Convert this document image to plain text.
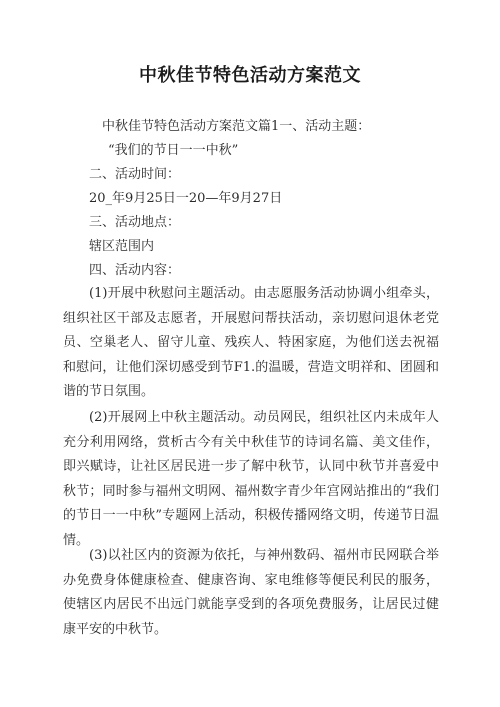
中秋佳节特色活动方案范文
中秋佳节特色活动方案范文篇1一、活动主题：
“我们的节日一一中秋”
二、活动时间：
20_年9月25日一20—年9月27日
三、活动地点：
辖区范围内
四、活动内容：

(1)开展中秋慰问主题活动。由志愿服务活动协调小组牵头，组织社区干部及志愿者，开展慰问帮扶活动，亲切慰问退休老党员、空巢老人、留守儿童、残疾人、特困家庭，为他们送去祝福和慰问，让他们深切感受到节F1.的温暖，营造文明祥和、团圆和谐的节日氛围。

(2)开展网上中秋主题活动。动员网民，组织社区内未成年人充分利用网络，赏析古今有关中秋佳节的诗词名篇、美文佳作，即兴赋诗，让社区居民进一步了解中秋节，认同中秋节并喜爱中秋节；同时参与福州文明网、福州数字青少年宫网站推出的“我们的节日一一中秋”专题网上活动，积极传播网络文明，传递节日温情。

(3)以社区内的资源为依托，与神州数码、福州市民网联合举办免费身体健康检查、健康咨询、家电维修等便民利民的服务，使辖区内居民不出远门就能享受到的各项免费服务，让居民过健康平安的中秋节。
